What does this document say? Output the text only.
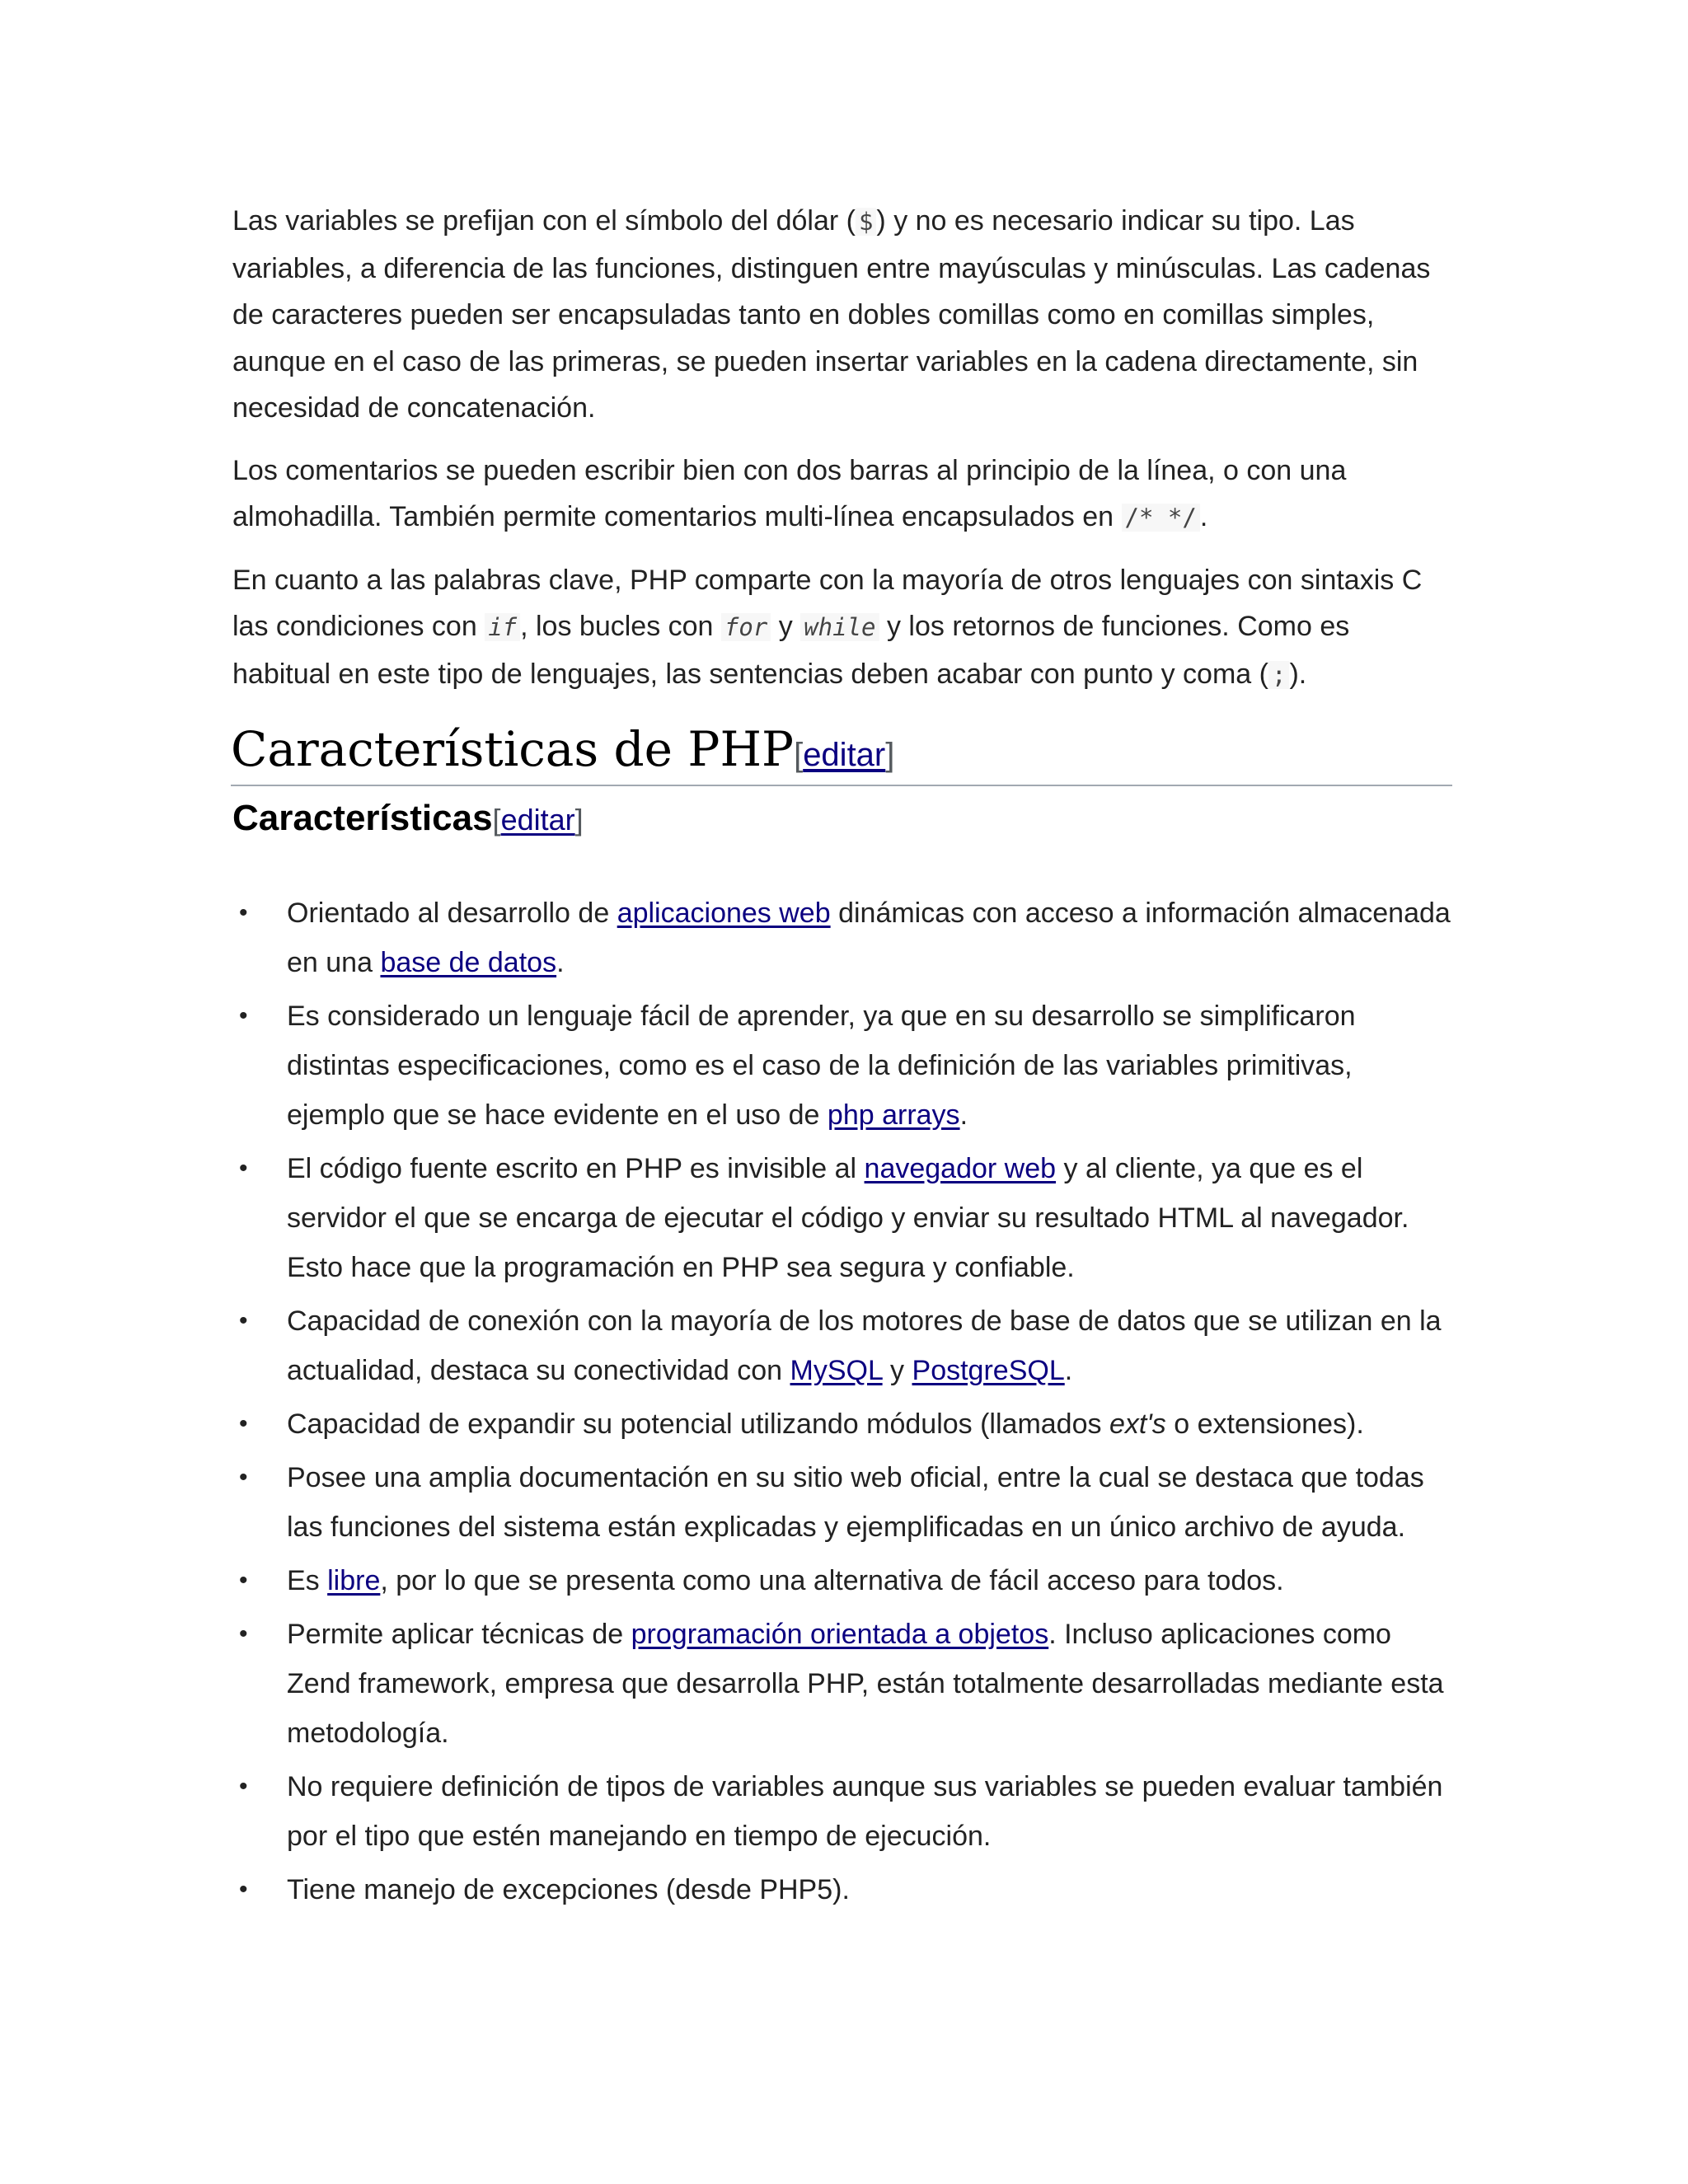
Las variables se prefijan con el símbolo del dólar ( $ ) y no es necesario indicar su tipo. Las variables, a diferencia de las funciones, distinguen entre mayúsculas y minúsculas. Las cadenas de caracteres pueden ser encapsuladas tanto en dobles comillas como en comillas simples, aunque en el caso de las primeras, se pueden insertar variables en la cadena directamente, sin necesidad de concatenación.

Los comentarios se pueden escribir bien con dos barras al principio de la línea, o con una almohadilla. También permite comentarios multi-línea encapsulados en /* */ .

En cuanto a las palabras clave, PHP comparte con la mayoría de otros lenguajes con sintaxis C las condiciones con if , los bucles con for y while y los retornos de funciones. Como es habitual en este tipo de lenguajes, las sentencias deben acabar con punto y coma ( ; ).

Características de PHP[editar]
Características[editar]
• Orientado al desarrollo de aplicaciones web dinámicas con acceso a información almacenada en una base de datos.
• Es considerado un lenguaje fácil de aprender, ya que en su desarrollo se simplificaron distintas especificaciones, como es el caso de la definición de las variables primitivas, ejemplo que se hace evidente en el uso de php arrays.
• El código fuente escrito en PHP es invisible al navegador web y al cliente, ya que es el servidor el que se encarga de ejecutar el código y enviar su resultado HTML al navegador. Esto hace que la programación en PHP sea segura y confiable.
• Capacidad de conexión con la mayoría de los motores de base de datos que se utilizan en la actualidad, destaca su conectividad con MySQL y PostgreSQL.
• Capacidad de expandir su potencial utilizando módulos (llamados ext's o extensiones).
• Posee una amplia documentación en su sitio web oficial, entre la cual se destaca que todas las funciones del sistema están explicadas y ejemplificadas en un único archivo de ayuda.
• Es libre, por lo que se presenta como una alternativa de fácil acceso para todos.
• Permite aplicar técnicas de programación orientada a objetos. Incluso aplicaciones como Zend framework, empresa que desarrolla PHP, están totalmente desarrolladas mediante esta metodología.
• No requiere definición de tipos de variables aunque sus variables se pueden evaluar también por el tipo que estén manejando en tiempo de ejecución.
• Tiene manejo de excepciones (desde PHP5).
